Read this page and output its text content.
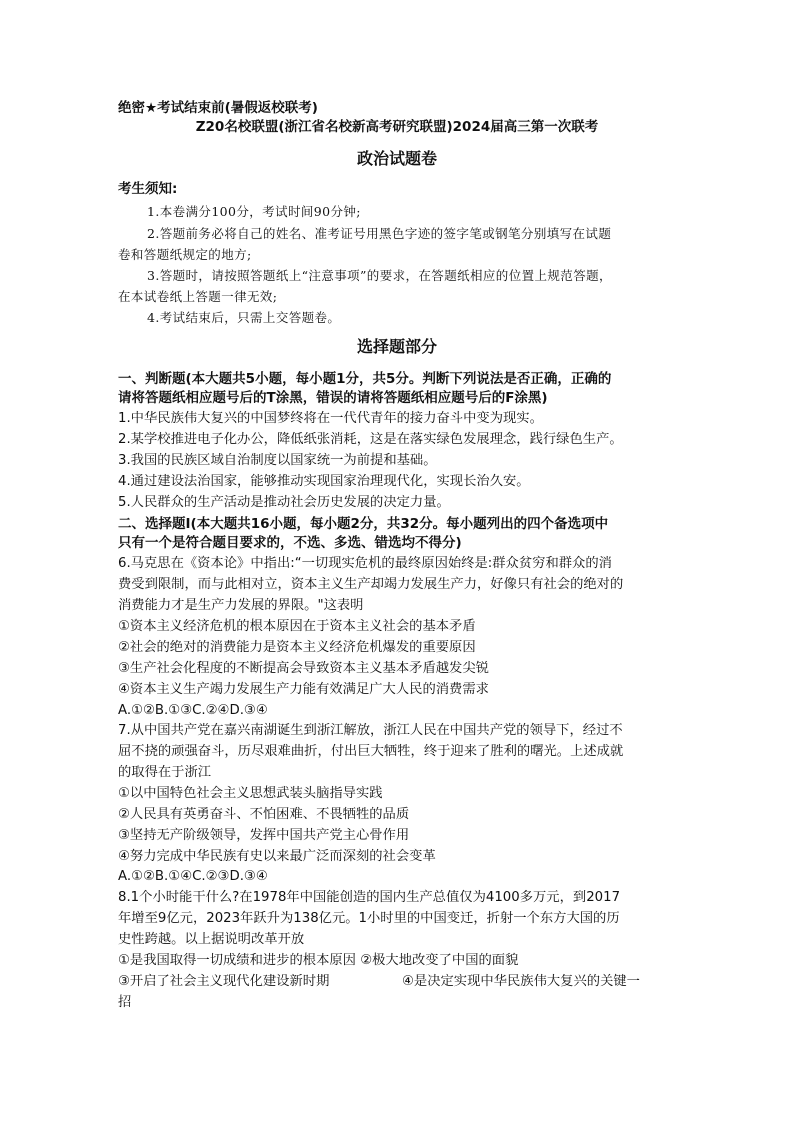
绝密★考试结束前(暑假返校联考)
Z20名校联盟(浙江省名校新高考研究联盟)2024届高三第一次联考
政治试题卷
考生须知:
1.本卷满分100分，考试时间90分钟;
2.答题前务必将自己的姓名、准考证号用黑色字迹的签字笔或钢笔分别填写在试题
卷和答题纸规定的地方;
3.答题时，请按照答题纸上“注意事项”的要求，在答题纸相应的位置上规范答题，
在本试卷纸上答题一律无效;
4.考试结束后，只需上交答题卷。
选择题部分
一、判断题(本大题共5小题，每小题1分，共5分。判断下列说法是否正确，正确的
请将答题纸相应题号后的T涂黑，错误的请将答题纸相应题号后的F涂黑)
1.中华民族伟大复兴的中国梦终将在一代代青年的接力奋斗中变为现实。
2.某学校推进电子化办公，降低纸张消耗，这是在落实绿色发展理念，践行绿色生产。
3.我国的民族区域自治制度以国家统一为前提和基础。
4.通过建设法治国家，能够推动实现国家治理现代化，实现长治久安。
5.人民群众的生产活动是推动社会历史发展的决定力量。
二、选择题Ⅰ(本大题共16小题，每小题2分，共32分。每小题列出的四个备选项中
只有一个是符合题目要求的，不选、多选、错选均不得分)
6.马克思在《资本论》中指出:“一切现实危机的最终原因始终是:群众贫穷和群众的消
费受到限制，而与此相对立，资本主义生产却竭力发展生产力，好像只有社会的绝对的
消费能力才是生产力发展的界限。"这表明
①资本主义经济危机的根本原因在于资本主义社会的基本矛盾
②社会的绝对的消费能力是资本主义经济危机爆发的重要原因
③生产社会化程度的不断提高会导致资本主义基本矛盾越发尖锐
④资本主义生产竭力发展生产力能有效满足广大人民的消费需求
A.①②B.①③C.②④D.③④
7.从中国共产党在嘉兴南湖诞生到浙江解放，浙江人民在中国共产党的领导下，经过不
屈不挠的顽强奋斗，历尽艰难曲折，付出巨大牺牲，终于迎来了胜利的曙光。上述成就
的取得在于浙江
①以中国特色社会主义思想武装头脑指导实践
②人民具有英勇奋斗、不怕困难、不畏牺牲的品质
③坚持无产阶级领导，发挥中国共产党主心骨作用
④努力完成中华民族有史以来最广泛而深刻的社会变革
A.①②B.①④C.②③D.③④
8.1个小时能干什么?在1978年中国能创造的国内生产总值仅为4100多万元，到2017
年增至9亿元，2023年跃升为138亿元。1小时里的中国变迁，折射一个东方大国的历
史性跨越。以上据说明改革开放
①是我国取得一切成绩和进步的根本原因 ②极大地改变了中国的面貌
③开启了社会主义现代化建设新时期	④是决定实现中华民族伟大复兴的关键一
招
